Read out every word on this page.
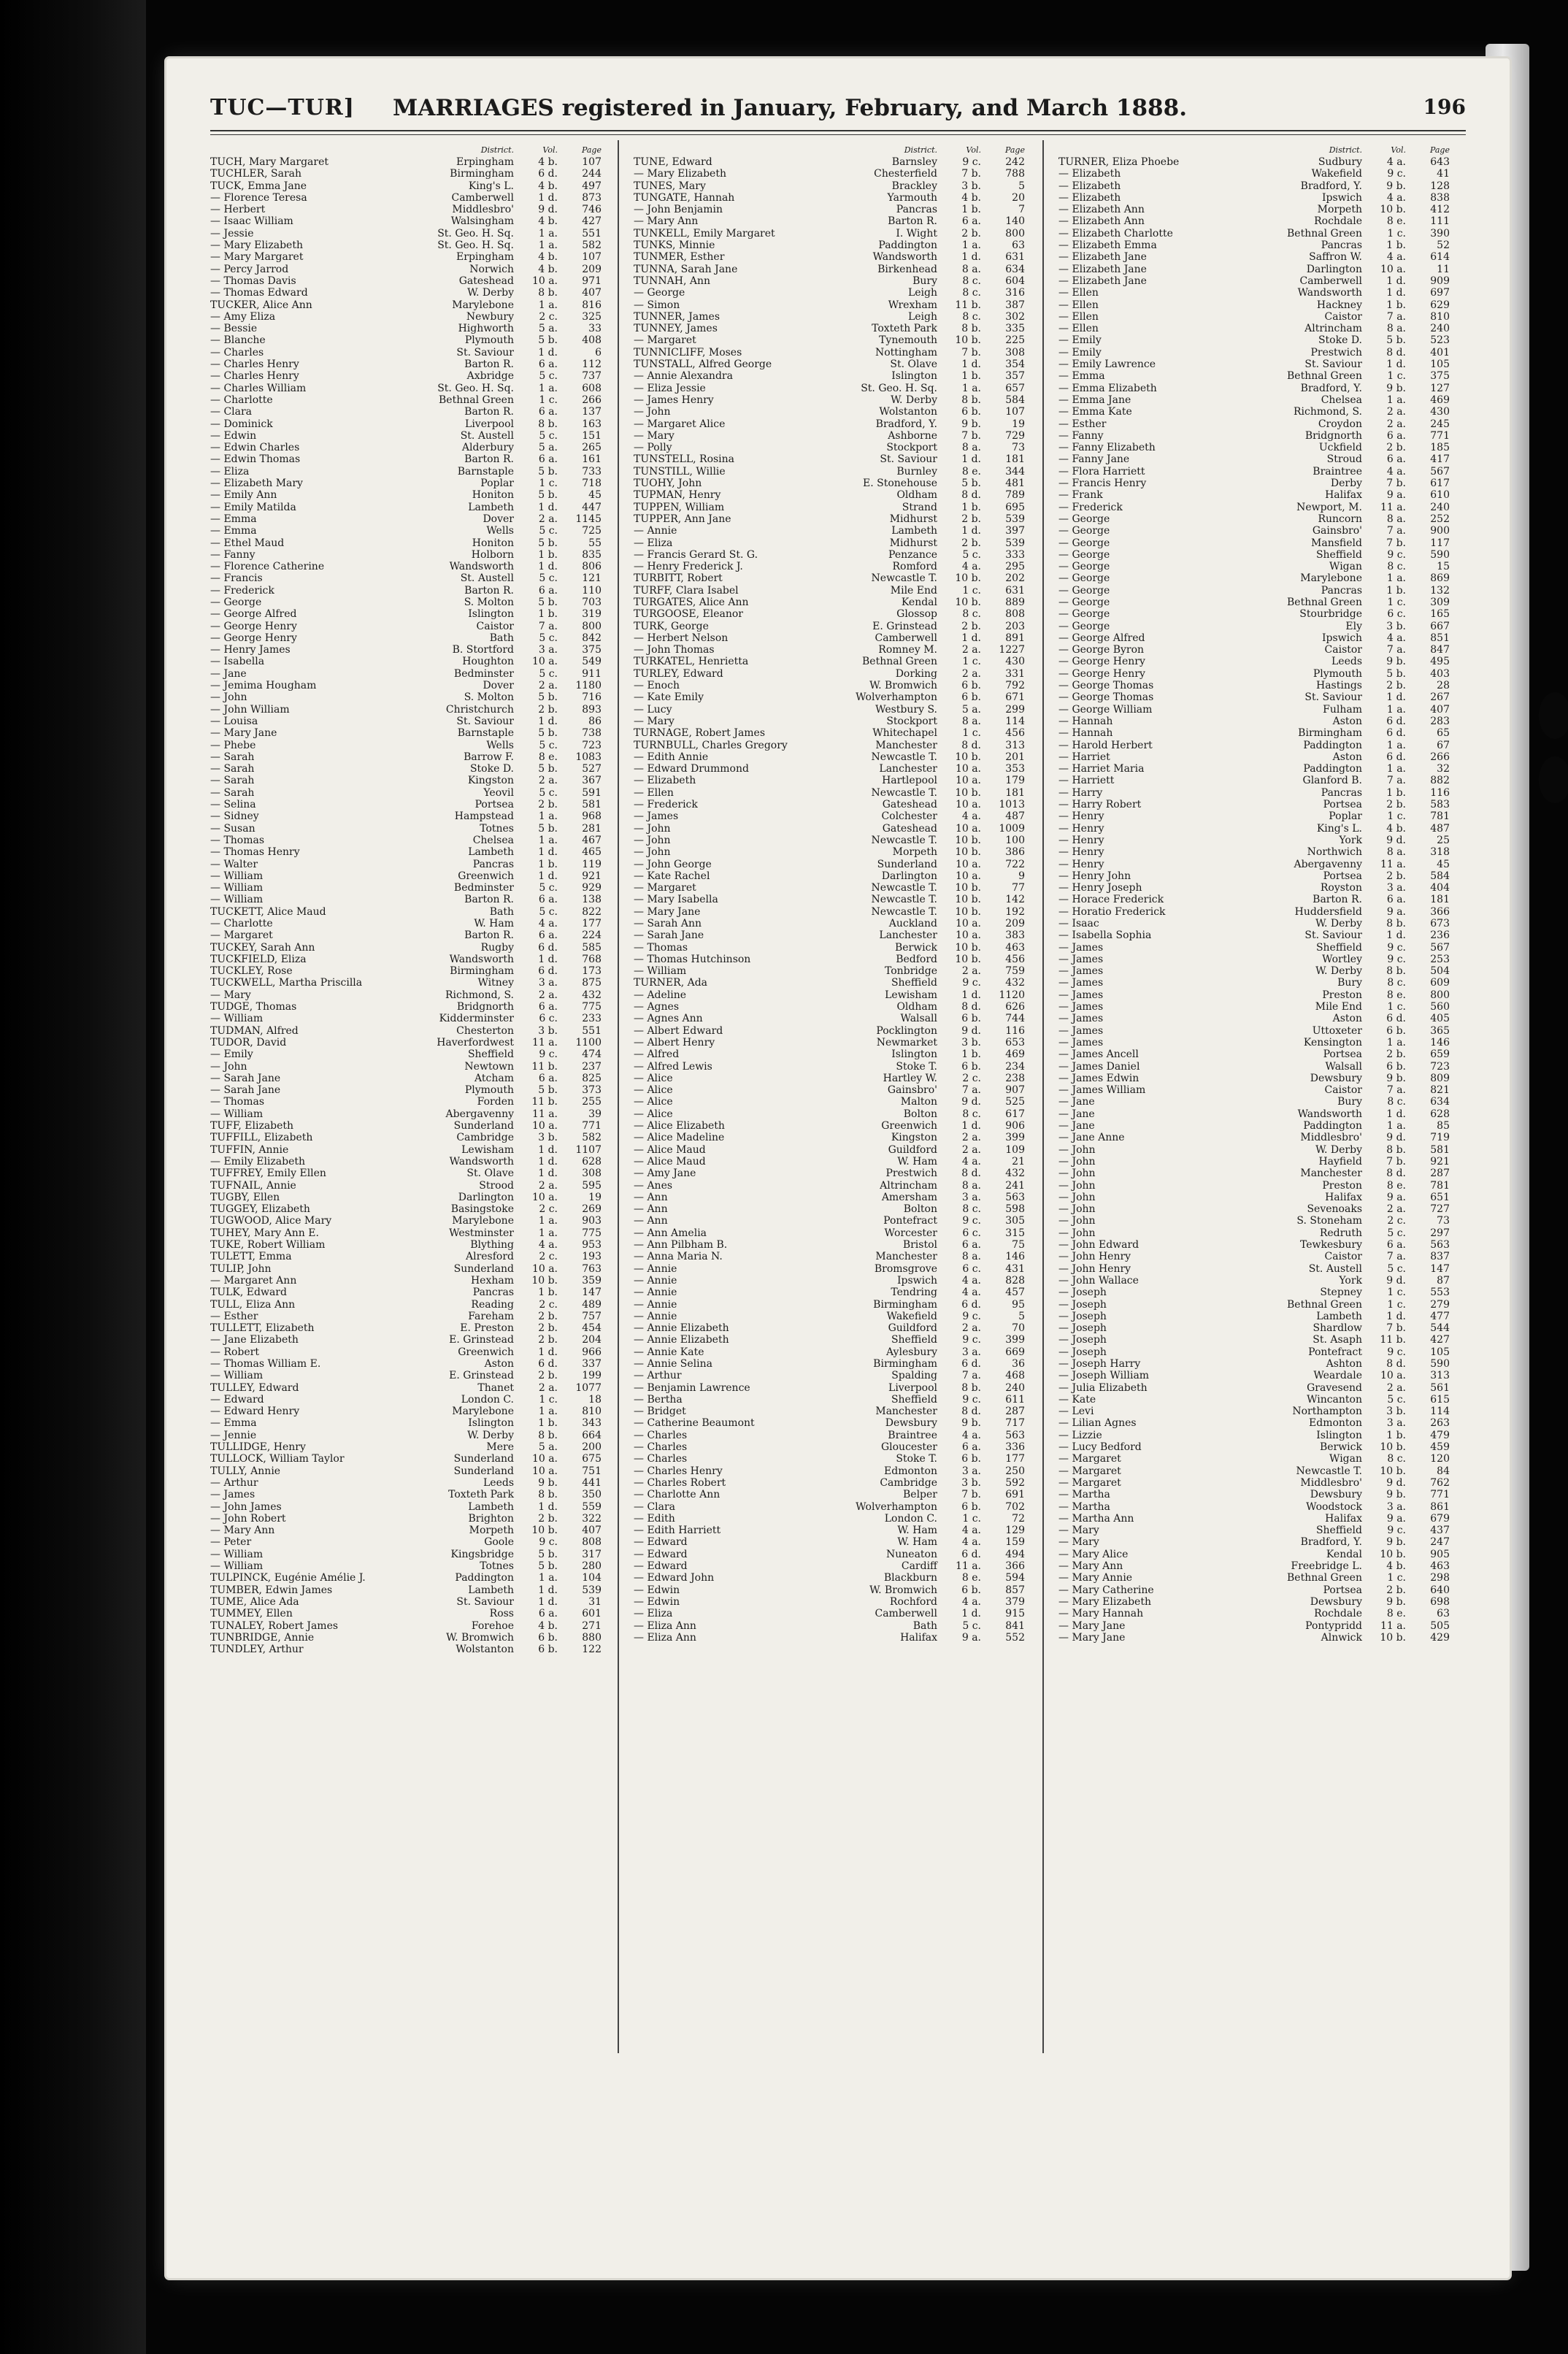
TUC—TUR] MARRIAGES registered in January, February, and March 1888.	196
District.	Vol.	Page
TUCH, Mary Margaret	Erpingham	4 b.	107
TUCHLER, Sarah	Birmingham	6 d.	244
TUCK, Emma Jane	King's L.	4 b.	497
— Florence Teresa	Camberwell	1 d.	873
— Herbert	Middlesbro'	9 d.	746
— Isaac William	Walsingham	4 b.	427
— Jessie	St. Geo. H. Sq.	1 a.	551
— Mary Elizabeth	St. Geo. H. Sq.	1 a.	582
— Mary Margaret	Erpingham	4 b.	107
— Percy Jarrod	Norwich	4 b.	209
— Thomas Davis	Gateshead	10 a.	971
— Thomas Edward	W. Derby	8 b.	407
TUCKER, Alice Ann	Marylebone	1 a.	816
— Amy Eliza	Newbury	2 c.	325
— Bessie	Highworth	5 a.	33
— Blanche	Plymouth	5 b.	408
— Charles	St. Saviour	1 d.	6
— Charles Henry	Barton R.	6 a.	112
— Charles Henry	Axbridge	5 c.	737
— Charles William	St. Geo. H. Sq.	1 a.	608
— Charlotte	Bethnal Green	1 c.	266
— Clara	Barton R.	6 a.	137
— Dominick	Liverpool	8 b.	163
— Edwin	St. Austell	5 c.	151
— Edwin Charles	Alderbury	5 a.	265
— Edwin Thomas	Barton R.	6 a.	161
— Eliza	Barnstaple	5 b.	733
— Elizabeth Mary	Poplar	1 c.	718
— Emily Ann	Honiton	5 b.	45
— Emily Matilda	Lambeth	1 d.	447
— Emma	Dover	2 a.	1145
— Emma	Wells	5 c.	725
— Ethel Maud	Honiton	5 b.	55
— Fanny	Holborn	1 b.	835
— Florence Catherine	Wandsworth	1 d.	806
— Francis	St. Austell	5 c.	121
— Frederick	Barton R.	6 a.	110
— George	S. Molton	5 b.	703
— George Alfred	Islington	1 b.	319
— George Henry	Caistor	7 a.	800
— George Henry	Bath	5 c.	842
— Henry James	B. Stortford	3 a.	375
— Isabella	Houghton	10 a.	549
— Jane	Bedminster	5 c.	911
— Jemima Hougham	Dover	2 a.	1180
— John	S. Molton	5 b.	716
— John William	Christchurch	2 b.	893
— Louisa	St. Saviour	1 d.	86
— Mary Jane	Barnstaple	5 b.	738
— Phebe	Wells	5 c.	723
— Sarah	Barrow F.	8 e.	1083
— Sarah	Stoke D.	5 b.	527
— Sarah	Kingston	2 a.	367
— Sarah	Yeovil	5 c.	591
— Selina	Portsea	2 b.	581
— Sidney	Hampstead	1 a.	968
— Susan	Totnes	5 b.	281
— Thomas	Chelsea	1 a.	467
— Thomas Henry	Lambeth	1 d.	465
— Walter	Pancras	1 b.	119
— William	Greenwich	1 d.	921
— William	Bedminster	5 c.	929
— William	Barton R.	6 a.	138
TUCKETT, Alice Maud	Bath	5 c.	822
— Charlotte	W. Ham	4 a.	177
— Margaret	Barton R.	6 a.	224
TUCKEY, Sarah Ann	Rugby	6 d.	585
TUCKFIELD, Eliza	Wandsworth	1 d.	768
TUCKLEY, Rose	Birmingham	6 d.	173
TUCKWELL, Martha Priscilla	Witney	3 a.	875
— Mary	Richmond, S.	2 a.	432
TUDGE, Thomas	Bridgnorth	6 a.	775
— William	Kidderminster	6 c.	233
TUDMAN, Alfred	Chesterton	3 b.	551
TUDOR, David	Haverfordwest	11 a.	1100
— Emily	Sheffield	9 c.	474
— John	Newtown	11 b.	237
— Sarah Jane	Atcham	6 a.	825
— Sarah Jane	Plymouth	5 b.	373
— Thomas	Forden	11 b.	255
— William	Abergavenny	11 a.	39
TUFF, Elizabeth	Sunderland	10 a.	771
TUFFILL, Elizabeth	Cambridge	3 b.	582
TUFFIN, Annie	Lewisham	1 d.	1107
— Emily Elizabeth	Wandsworth	1 d.	628
TUFFREY, Emily Ellen	St. Olave	1 d.	308
TUFNAIL, Annie	Strood	2 a.	595
TUGBY, Ellen	Darlington	10 a.	19
TUGGEY, Elizabeth	Basingstoke	2 c.	269
TUGWOOD, Alice Mary	Marylebone	1 a.	903
TUHEY, Mary Ann E.	Westminster	1 a.	775
TUKE, Robert William	Blything	4 a.	953
TULETT, Emma	Alresford	2 c.	193
TULIP, John	Sunderland	10 a.	763
— Margaret Ann	Hexham	10 b.	359
TULK, Edward	Pancras	1 b.	147
TULL, Eliza Ann	Reading	2 c.	489
— Esther	Fareham	2 b.	757
TULLETT, Elizabeth	E. Preston	2 b.	454
— Jane Elizabeth	E. Grinstead	2 b.	204
— Robert	Greenwich	1 d.	966
— Thomas William E.	Aston	6 d.	337
— William	E. Grinstead	2 b.	199
TULLEY, Edward	Thanet	2 a.	1077
— Edward	London C.	1 c.	18
— Edward Henry	Marylebone	1 a.	810
— Emma	Islington	1 b.	343
— Jennie	W. Derby	8 b.	664
TULLIDGE, Henry	Mere	5 a.	200
TULLOCK, William Taylor	Sunderland	10 a.	675
TULLY, Annie	Sunderland	10 a.	751
— Arthur	Leeds	9 b.	441
— James	Toxteth Park	8 b.	350
— John James	Lambeth	1 d.	559
— John Robert	Brighton	2 b.	322
— Mary Ann	Morpeth	10 b.	407
— Peter	Goole	9 c.	808
— William	Kingsbridge	5 b.	317
— William	Totnes	5 b.	280
TULPINCK, Eugénie Amélie J.	Paddington	1 a.	104
TUMBER, Edwin James	Lambeth	1 d.	539
TUME, Alice Ada	St. Saviour	1 d.	31
TUMMEY, Ellen	Ross	6 a.	601
TUNALEY, Robert James	Forehoe	4 b.	271
TUNBRIDGE, Annie	W. Bromwich	6 b.	880
TUNDLEY, Arthur	Wolstanton	6 b.	122
District.	Vol.	Page
TUNE, Edward	Barnsley	9 c.	242
— Mary Elizabeth	Chesterfield	7 b.	788
TUNES, Mary	Brackley	3 b.	5
TUNGATE, Hannah	Yarmouth	4 b.	20
— John Benjamin	Pancras	1 b.	7
— Mary Ann	Barton R.	6 a.	140
TUNKELL, Emily Margaret	I. Wight	2 b.	800
TUNKS, Minnie	Paddington	1 a.	63
TUNMER, Esther	Wandsworth	1 d.	631
TUNNA, Sarah Jane	Birkenhead	8 a.	634
TUNNAH, Ann	Bury	8 c.	604
— George	Leigh	8 c.	316
— Simon	Wrexham	11 b.	387
TUNNER, James	Leigh	8 c.	302
TUNNEY, James	Toxteth Park	8 b.	335
— Margaret	Tynemouth	10 b.	225
TUNNICLIFF, Moses	Nottingham	7 b.	308
TUNSTALL, Alfred George	St. Olave	1 d.	354
— Annie Alexandra	Islington	1 b.	357
— Eliza Jessie	St. Geo. H. Sq.	1 a.	657
— James Henry	W. Derby	8 b.	584
— John	Wolstanton	6 b.	107
— Margaret Alice	Bradford, Y.	9 b.	19
— Mary	Ashborne	7 b.	729
— Polly	Stockport	8 a.	73
TUNSTELL, Rosina	St. Saviour	1 d.	181
TUNSTILL, Willie	Burnley	8 e.	344
TUOHY, John	E. Stonehouse	5 b.	481
TUPMAN, Henry	Oldham	8 d.	789
TUPPEN, William	Strand	1 b.	695
TUPPER, Ann Jane	Midhurst	2 b.	539
— Annie	Lambeth	1 d.	397
— Eliza	Midhurst	2 b.	539
— Francis Gerard St. G.	Penzance	5 c.	333
— Henry Frederick J.	Romford	4 a.	295
TURBITT, Robert	Newcastle T.	10 b.	202
TURFF, Clara Isabel	Mile End	1 c.	631
TURGATES, Alice Ann	Kendal	10 b.	889
TURGOOSE, Eleanor	Glossop	8 c.	808
TURK, George	E. Grinstead	2 b.	203
— Herbert Nelson	Camberwell	1 d.	891
— John Thomas	Romney M.	2 a.	1227
TURKATEL, Henrietta	Bethnal Green	1 c.	430
TURLEY, Edward	Dorking	2 a.	331
— Enoch	W. Bromwich	6 b.	792
— Kate Emily	Wolverhampton	6 b.	671
— Lucy	Westbury S.	5 a.	299
— Mary	Stockport	8 a.	114
TURNAGE, Robert James	Whitechapel	1 c.	456
TURNBULL, Charles Gregory	Manchester	8 d.	313
— Edith Annie	Newcastle T.	10 b.	201
— Edward Drummond	Lanchester	10 a.	353
— Elizabeth	Hartlepool	10 a.	179
— Ellen	Newcastle T.	10 b.	181
— Frederick	Gateshead	10 a.	1013
— James	Colchester	4 a.	487
— John	Gateshead	10 a.	1009
— John	Newcastle T.	10 b.	100
— John	Morpeth	10 b.	386
— John George	Sunderland	10 a.	722
— Kate Rachel	Darlington	10 a.	9
— Margaret	Newcastle T.	10 b.	77
— Mary Isabella	Newcastle T.	10 b.	142
— Mary Jane	Newcastle T.	10 b.	192
— Sarah Ann	Auckland	10 a.	209
— Sarah Jane	Lanchester	10 a.	383
— Thomas	Berwick	10 b.	463
— Thomas Hutchinson	Bedford	10 b.	456
— William	Tonbridge	2 a.	759
TURNER, Ada	Sheffield	9 c.	432
— Adeline	Lewisham	1 d.	1120
— Agnes	Oldham	8 d.	626
— Agnes Ann	Walsall	6 b.	744
— Albert Edward	Pocklington	9 d.	116
— Albert Henry	Newmarket	3 b.	653
— Alfred	Islington	1 b.	469
— Alfred Lewis	Stoke T.	6 b.	234
— Alice	Hartley W.	2 c.	238
— Alice	Gainsbro'	7 a.	907
— Alice	Malton	9 d.	525
— Alice	Bolton	8 c.	617
— Alice Elizabeth	Greenwich	1 d.	906
— Alice Madeline	Kingston	2 a.	399
— Alice Maud	Guildford	2 a.	109
— Alice Maud	W. Ham	4 a.	21
— Amy Jane	Prestwich	8 d.	432
— Anes	Altrincham	8 a.	241
— Ann	Amersham	3 a.	563
— Ann	Bolton	8 c.	598
— Ann	Pontefract	9 c.	305
— Ann Amelia	Worcester	6 c.	315
— Ann Pilbham B.	Bristol	6 a.	75
— Anna Maria N.	Manchester	8 a.	146
— Annie	Bromsgrove	6 c.	431
— Annie	Ipswich	4 a.	828
— Annie	Tendring	4 a.	457
— Annie	Birmingham	6 d.	95
— Annie	Wakefield	9 c.	5
— Annie Elizabeth	Guildford	2 a.	70
— Annie Elizabeth	Sheffield	9 c.	399
— Annie Kate	Aylesbury	3 a.	669
— Annie Selina	Birmingham	6 d.	36
— Arthur	Spalding	7 a.	468
— Benjamin Lawrence	Liverpool	8 b.	240
— Bertha	Sheffield	9 c.	611
— Bridget	Manchester	8 d.	287
— Catherine Beaumont	Dewsbury	9 b.	717
— Charles	Braintree	4 a.	563
— Charles	Gloucester	6 a.	336
— Charles	Stoke T.	6 b.	177
— Charles Henry	Edmonton	3 a.	250
— Charles Robert	Cambridge	3 b.	592
— Charlotte Ann	Belper	7 b.	691
— Clara	Wolverhampton	6 b.	702
— Edith	London C.	1 c.	72
— Edith Harriett	W. Ham	4 a.	129
— Edward	W. Ham	4 a.	159
— Edward	Nuneaton	6 d.	494
— Edward	Cardiff	11 a.	366
— Edward John	Blackburn	8 e.	594
— Edwin	W. Bromwich	6 b.	857
— Edwin	Rochford	4 a.	379
— Eliza	Camberwell	1 d.	915
— Eliza Ann	Bath	5 c.	841
— Eliza Ann	Halifax	9 a.	552
District.	Vol.	Page
TURNER, Eliza Phoebe	Sudbury	4 a.	643
— Elizabeth	Wakefield	9 c.	41
— Elizabeth	Bradford, Y.	9 b.	128
— Elizabeth	Ipswich	4 a.	838
— Elizabeth Ann	Morpeth	10 b.	412
— Elizabeth Ann	Rochdale	8 e.	111
— Elizabeth Charlotte	Bethnal Green	1 c.	390
— Elizabeth Emma	Pancras	1 b.	52
— Elizabeth Jane	Saffron W.	4 a.	614
— Elizabeth Jane	Darlington	10 a.	11
— Elizabeth Jane	Camberwell	1 d.	909
— Ellen	Wandsworth	1 d.	697
— Ellen	Hackney	1 b.	629
— Ellen	Caistor	7 a.	810
— Ellen	Altrincham	8 a.	240
— Emily	Stoke D.	5 b.	523
— Emily	Prestwich	8 d.	401
— Emily Lawrence	St. Saviour	1 d.	105
— Emma	Bethnal Green	1 c.	375
— Emma Elizabeth	Bradford, Y.	9 b.	127
— Emma Jane	Chelsea	1 a.	469
— Emma Kate	Richmond, S.	2 a.	430
— Esther	Croydon	2 a.	245
— Fanny	Bridgnorth	6 a.	771
— Fanny Elizabeth	Uckfield	2 b.	185
— Fanny Jane	Stroud	6 a.	417
— Flora Harriett	Braintree	4 a.	567
— Francis Henry	Derby	7 b.	617
— Frank	Halifax	9 a.	610
— Frederick	Newport, M.	11 a.	240
— George	Runcorn	8 a.	252
— George	Gainsbro'	7 a.	900
— George	Mansfield	7 b.	117
— George	Sheffield	9 c.	590
— George	Wigan	8 c.	15
— George	Marylebone	1 a.	869
— George	Pancras	1 b.	132
— George	Bethnal Green	1 c.	309
— George	Stourbridge	6 c.	165
— George	Ely	3 b.	667
— George Alfred	Ipswich	4 a.	851
— George Byron	Caistor	7 a.	847
— George Henry	Leeds	9 b.	495
— George Henry	Plymouth	5 b.	403
— George Thomas	Hastings	2 b.	28
— George Thomas	St. Saviour	1 d.	267
— George William	Fulham	1 a.	407
— Hannah	Aston	6 d.	283
— Hannah	Birmingham	6 d.	65
— Harold Herbert	Paddington	1 a.	67
— Harriet	Aston	6 d.	266
— Harriet Maria	Paddington	1 a.	32
— Harriett	Glanford B.	7 a.	882
— Harry	Pancras	1 b.	116
— Harry Robert	Portsea	2 b.	583
— Henry	Poplar	1 c.	781
— Henry	King's L.	4 b.	487
— Henry	York	9 d.	25
— Henry	Northwich	8 a.	318
— Henry	Abergavenny	11 a.	45
— Henry John	Portsea	2 b.	584
— Henry Joseph	Royston	3 a.	404
— Horace Frederick	Barton R.	6 a.	181
— Horatio Frederick	Huddersfield	9 a.	366
— Isaac	W. Derby	8 b.	673
— Isabella Sophia	St. Saviour	1 d.	236
— James	Sheffield	9 c.	567
— James	Wortley	9 c.	253
— James	W. Derby	8 b.	504
— James	Bury	8 c.	609
— James	Preston	8 e.	800
— James	Mile End	1 c.	560
— James	Aston	6 d.	405
— James	Uttoxeter	6 b.	365
— James	Kensington	1 a.	146
— James Ancell	Portsea	2 b.	659
— James Daniel	Walsall	6 b.	723
— James Edwin	Dewsbury	9 b.	809
— James William	Caistor	7 a.	821
— Jane	Bury	8 c.	634
— Jane	Wandsworth	1 d.	628
— Jane	Paddington	1 a.	85
— Jane Anne	Middlesbro'	9 d.	719
— John	W. Derby	8 b.	581
— John	Hayfield	7 b.	921
— John	Manchester	8 d.	287
— John	Preston	8 e.	781
— John	Halifax	9 a.	651
— John	Sevenoaks	2 a.	727
— John	S. Stoneham	2 c.	73
— John	Redruth	5 c.	297
— John Edward	Tewkesbury	6 a.	563
— John Henry	Caistor	7 a.	837
— John Henry	St. Austell	5 c.	147
— John Wallace	York	9 d.	87
— Joseph	Stepney	1 c.	553
— Joseph	Bethnal Green	1 c.	279
— Joseph	Lambeth	1 d.	477
— Joseph	Shardlow	7 b.	544
— Joseph	St. Asaph	11 b.	427
— Joseph	Pontefract	9 c.	105
— Joseph Harry	Ashton	8 d.	590
— Joseph William	Weardale	10 a.	313
— Julia Elizabeth	Gravesend	2 a.	561
— Kate	Wincanton	5 c.	615
— Levi	Northampton	3 b.	114
— Lilian Agnes	Edmonton	3 a.	263
— Lizzie	Islington	1 b.	479
— Lucy Bedford	Berwick	10 b.	459
— Margaret	Wigan	8 c.	120
— Margaret	Newcastle T.	10 b.	84
— Margaret	Middlesbro'	9 d.	762
— Martha	Dewsbury	9 b.	771
— Martha	Woodstock	3 a.	861
— Martha Ann	Halifax	9 a.	679
— Mary	Sheffield	9 c.	437
— Mary	Bradford, Y.	9 b.	247
— Mary Alice	Kendal	10 b.	905
— Mary Ann	Freebridge L.	4 b.	463
— Mary Annie	Bethnal Green	1 c.	298
— Mary Catherine	Portsea	2 b.	640
— Mary Elizabeth	Dewsbury	9 b.	698
— Mary Hannah	Rochdale	8 e.	63
— Mary Jane	Pontypridd	11 a.	505
— Mary Jane	Alnwick	10 b.	429
